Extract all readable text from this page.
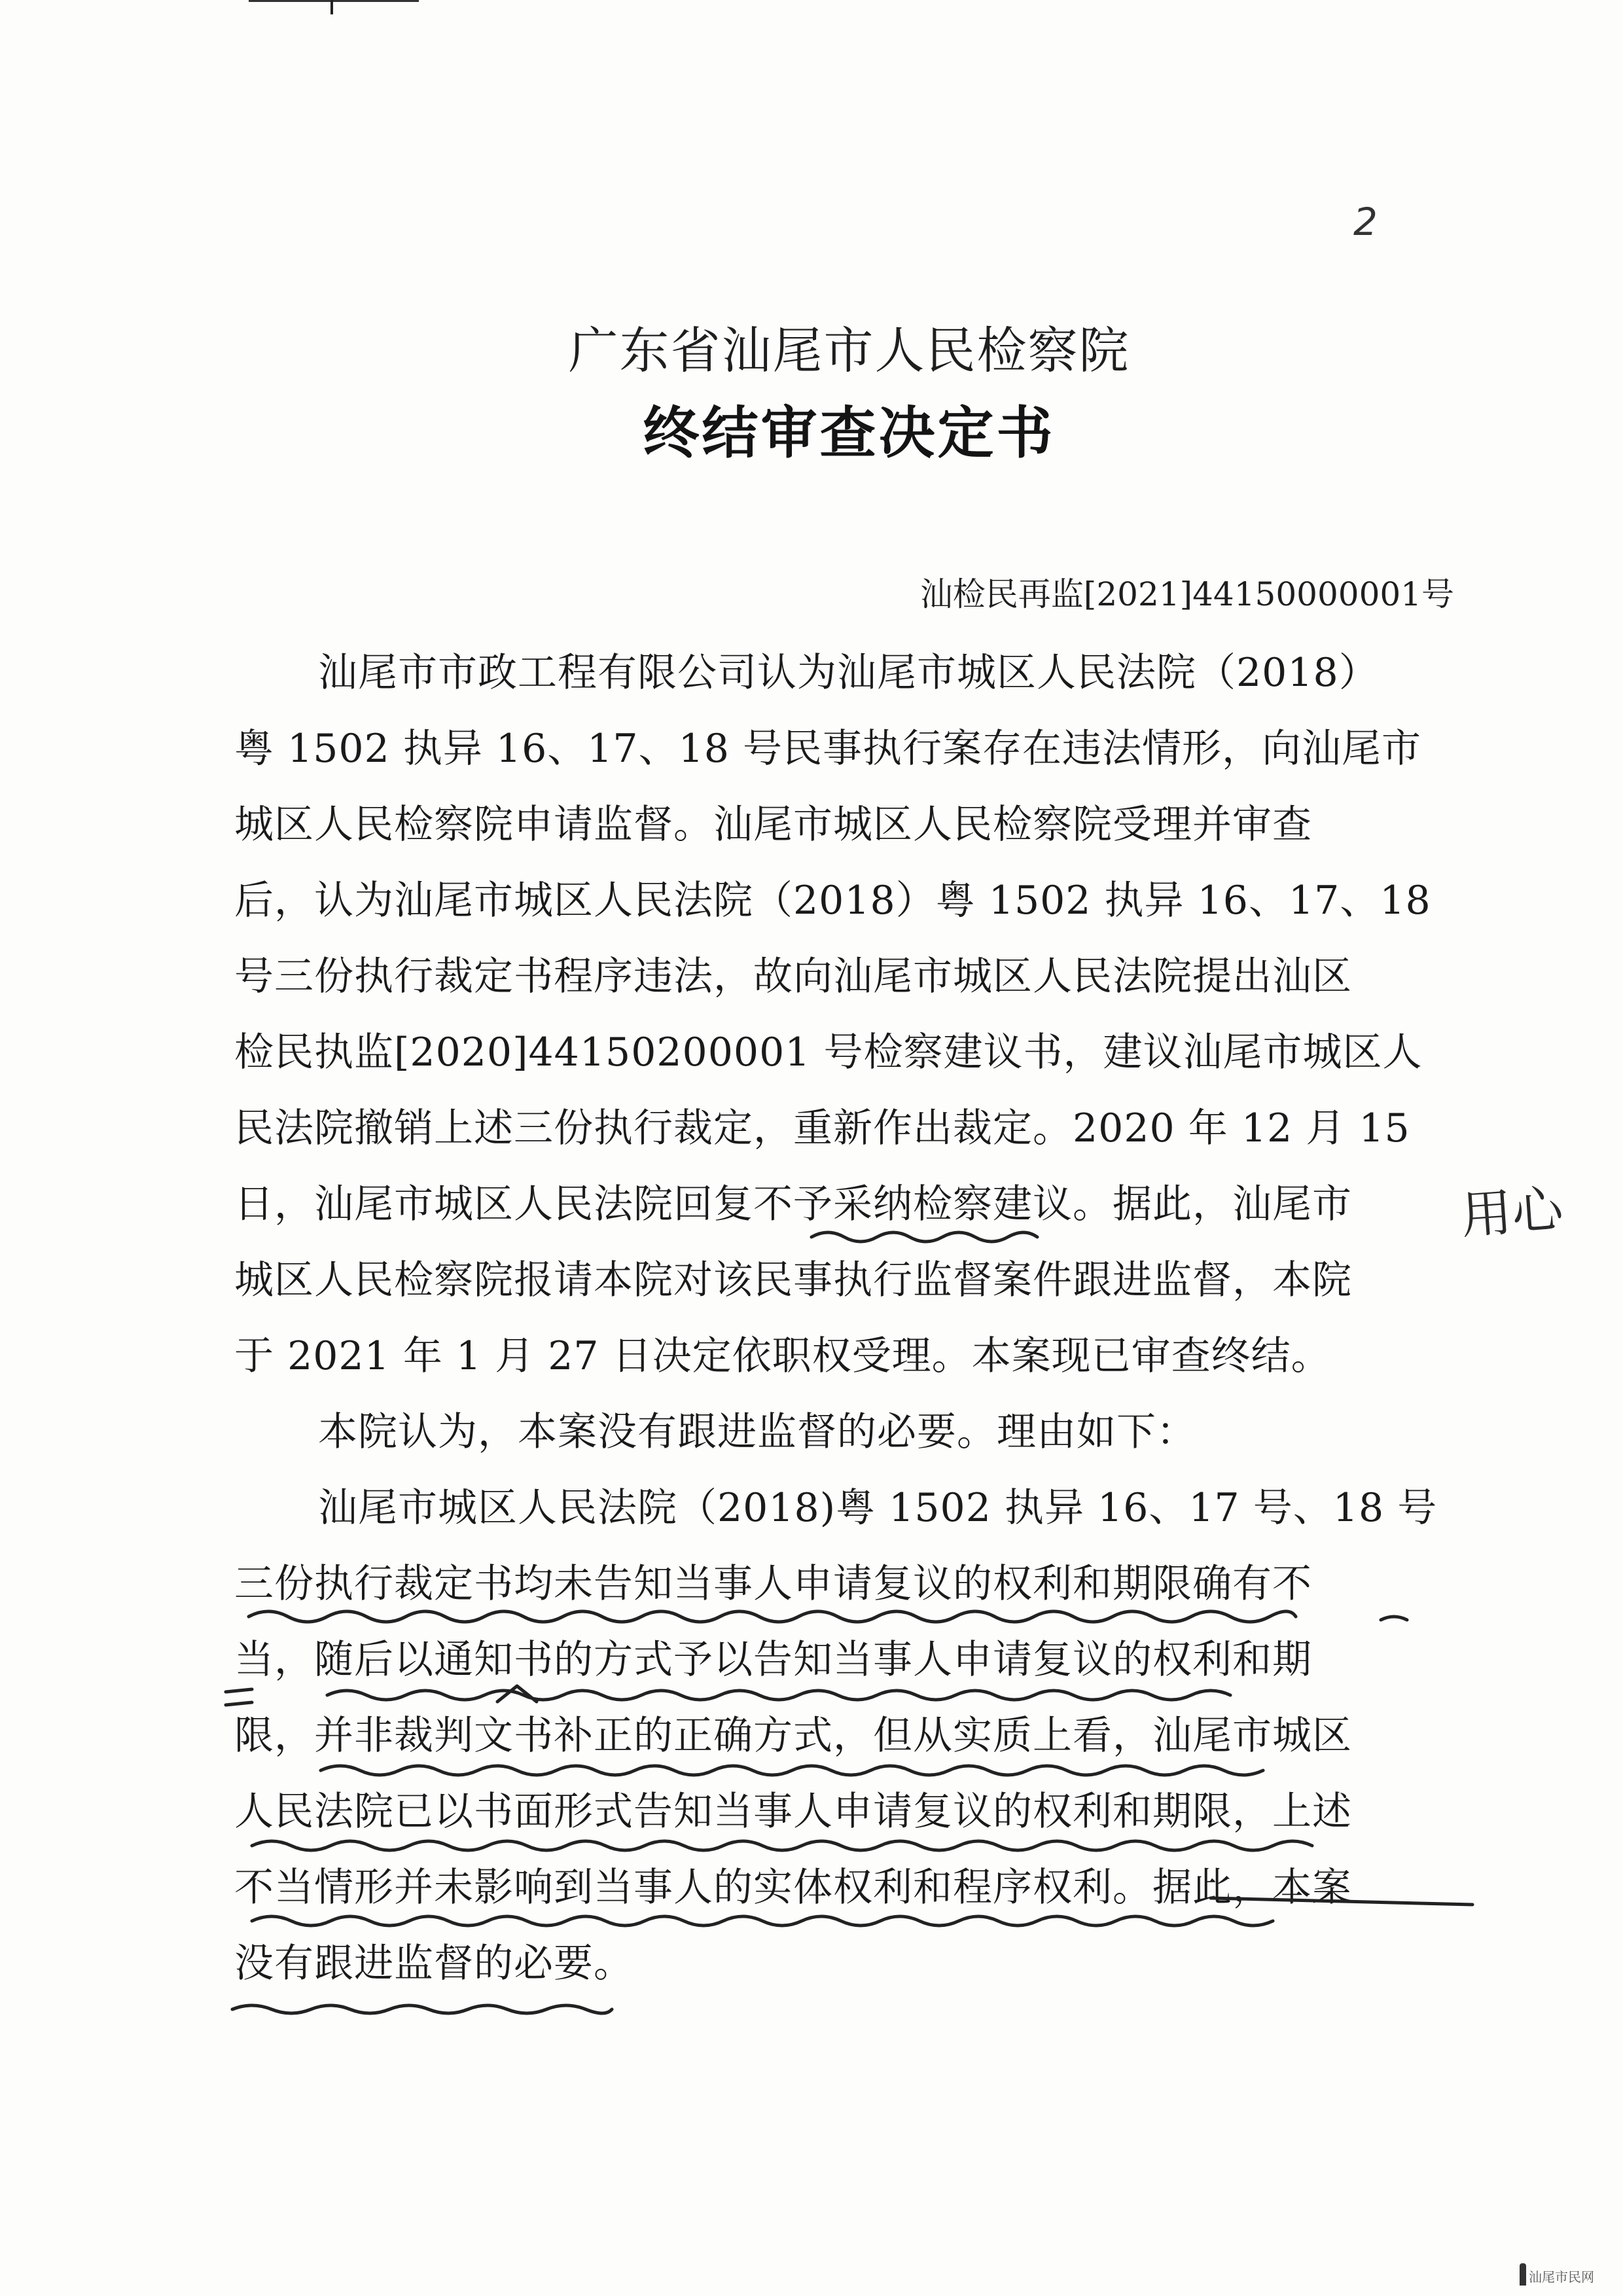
2
广东省汕尾市人民检察院
终结审查决定书
汕检民再监[2021]44150000001号
汕尾市市政工程有限公司认为汕尾市城区人民法院（2018）
粤 1502 执异 16、17、18 号民事执行案存在违法情形，向汕尾市
城区人民检察院申请监督。汕尾市城区人民检察院受理并审查
后，认为汕尾市城区人民法院（2018）粤 1502 执异 16、17、18
号三份执行裁定书程序违法，故向汕尾市城区人民法院提出汕区
检民执监[2020]44150200001 号检察建议书，建议汕尾市城区人
民法院撤销上述三份执行裁定，重新作出裁定。2020 年 12 月 15
日，汕尾市城区人民法院回复不予采纳检察建议。据此，汕尾市
城区人民检察院报请本院对该民事执行监督案件跟进监督，本院
于 2021 年 1 月 27 日决定依职权受理。本案现已审查终结。
本院认为，本案没有跟进监督的必要。理由如下：
汕尾市城区人民法院（2018)粤 1502 执异 16、17 号、18 号
三份执行裁定书均未告知当事人申请复议的权利和期限确有不
当，随后以通知书的方式予以告知当事人申请复议的权利和期
限，并非裁判文书补正的正确方式，但从实质上看，汕尾市城区
人民法院已以书面形式告知当事人申请复议的权利和期限，上述
不当情形并未影响到当事人的实体权利和程序权利。据此，本案
没有跟进监督的必要。
用心
汕尾市民网
